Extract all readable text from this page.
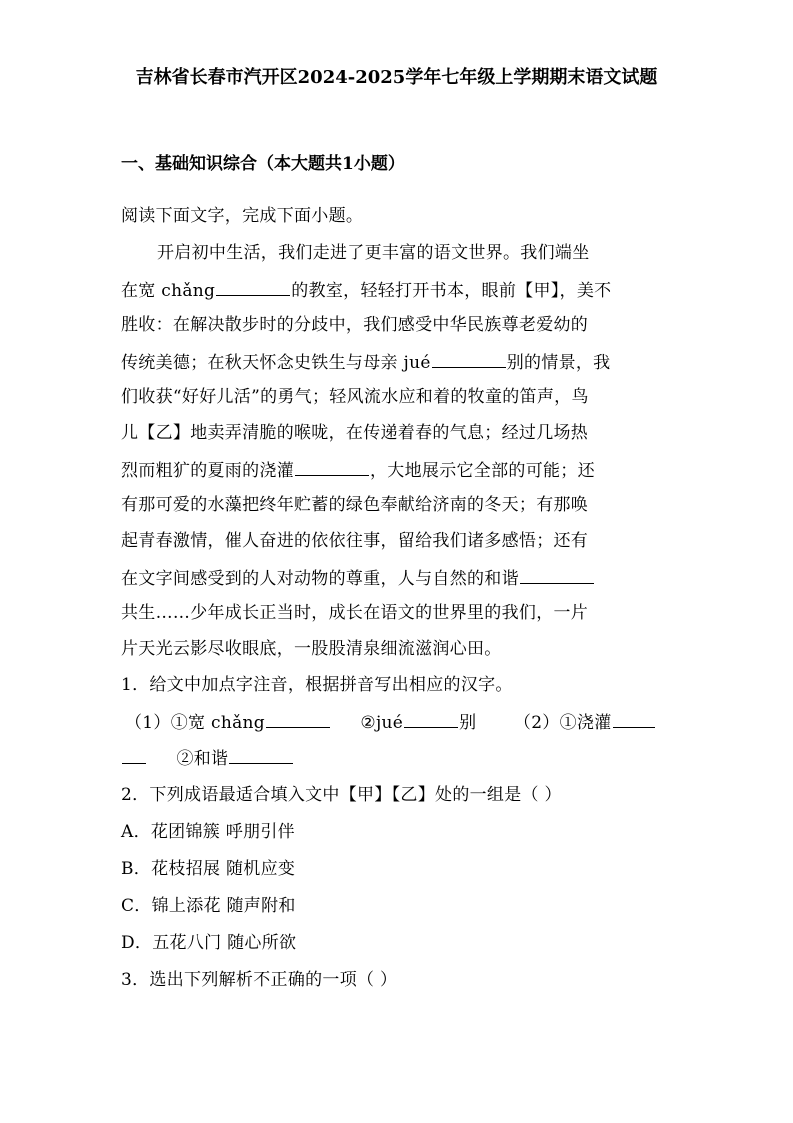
吉林省长春市汽开区2024-2025学年七年级上学期期末语文试题
一、基础知识综合（本大题共1小题）
阅读下面文字，完成下面小题。
开启初中生活，我们走进了更丰富的语文世界。我们端坐
在宽 chǎng	的教室，轻轻打开书本，眼前【甲】，美不
胜收：在解决散步时的分歧中，我们感受中华民族尊老爱幼的
传统美德；在秋天怀念史铁生与母亲 jué	别的情景，我
们收获“好好儿活”的勇气；轻风流水应和着的牧童的笛声，鸟
儿【乙】地卖弄清脆的喉咙，在传递着春的气息；经过几场热
烈而粗犷的夏雨的浇灌	，大地展示它全部的可能；还
有那可爱的水藻把终年贮蓄的绿色奉献给济南的冬天；有那唤
起青春激情，催人奋进的依依往事，留给我们诸多感悟；还有
在文字间感受到的人对动物的尊重，人与自然的和谐
共生……少年成长正当时，成长在语文的世界里的我们，一片
片天光云影尽收眼底，一股股清泉细流滋润心田。
1．给文中加点字注音，根据拼音写出相应的汉字。
（1）①宽 chǎng	②jué	别 （2）①浇灌
②和谐
2．下列成语最适合填入文中【甲】【乙】处的一组是（ ）
A．花团锦簇 呼朋引伴
B．花枝招展 随机应变
C．锦上添花 随声附和
D．五花八门 随心所欲
3．选出下列解析不正确的一项（ ）
